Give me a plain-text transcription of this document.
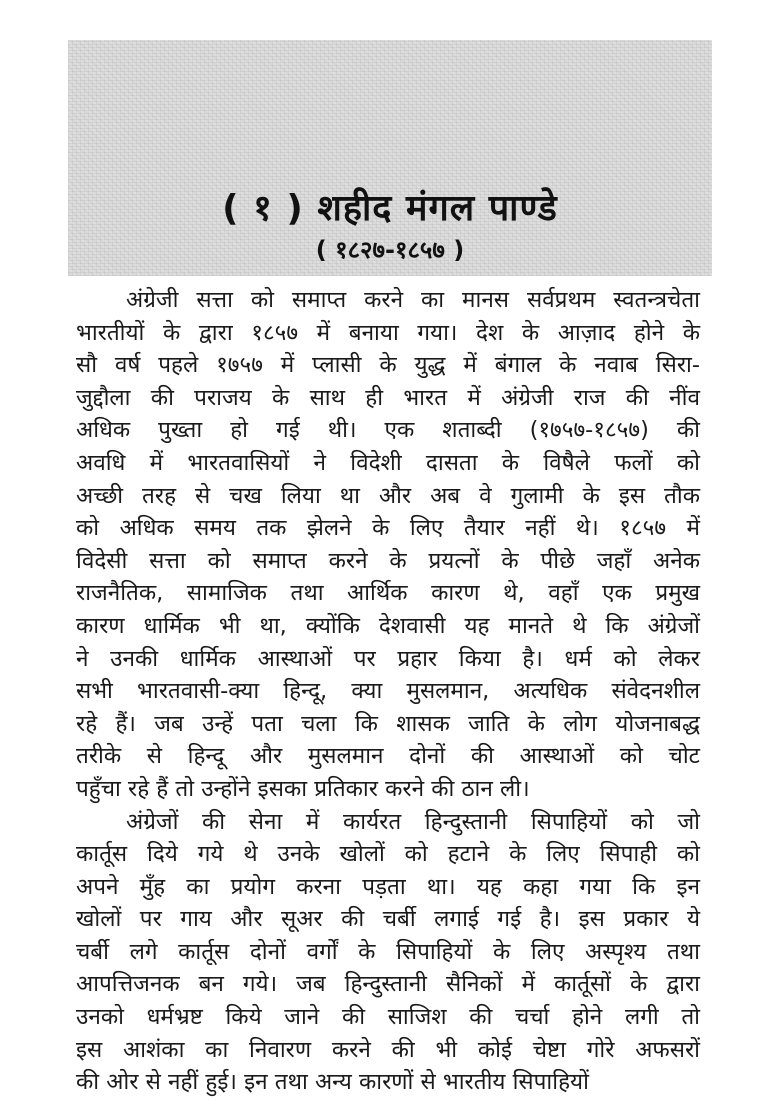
( १ ) शहीद मंगल पाण्डे
( १८२७-१८५७ )
अंग्रेजी सत्ता को समाप्त करने का मानस सर्वप्रथम स्वतन्त्रचेता
भारतीयों के द्वारा १८५७ में बनाया गया। देश के आज़ाद होने के
सौ वर्ष पहले १७५७ में प्लासी के युद्ध में बंगाल के नवाब सिरा-
जुद्दौला की पराजय के साथ ही भारत में अंग्रेजी राज की नींव
अधिक पुख्ता हो गई थी। एक शताब्दी (१७५७-१८५७) की
अवधि में भारतवासियों ने विदेशी दासता के विषैले फलों को
अच्छी तरह से चख लिया था और अब वे गुलामी के इस तौक
को अधिक समय तक झेलने के लिए तैयार नहीं थे। १८५७ में
विदेसी सत्ता को समाप्त करने के प्रयत्नों के पीछे जहाँ अनेक
राजनैतिक, सामाजिक तथा आर्थिक कारण थे, वहाँ एक प्रमुख
कारण धार्मिक भी था, क्योंकि देशवासी यह मानते थे कि अंग्रेजों
ने उनकी धार्मिक आस्थाओं पर प्रहार किया है। धर्म को लेकर
सभी भारतवासी-क्या हिन्दू, क्या मुसलमान, अत्यधिक संवेदनशील
रहे हैं। जब उन्हें पता चला कि शासक जाति के लोग योजनाबद्ध
तरीके से हिन्दू और मुसलमान दोनों की आस्थाओं को चोट
पहुँचा रहे हैं तो उन्होंने इसका प्रतिकार करने की ठान ली।
अंग्रेजों की सेना में कार्यरत हिन्दुस्तानी सिपाहियों को जो
कार्तूस दिये गये थे उनके खोलों को हटाने के लिए सिपाही को
अपने मुँह का प्रयोग करना पड़ता था। यह कहा गया कि इन
खोलों पर गाय और सूअर की चर्बी लगाई गई है। इस प्रकार ये
चर्बी लगे कार्तूस दोनों वर्गों के सिपाहियों के लिए अस्पृश्य तथा
आपत्तिजनक बन गये। जब हिन्दुस्तानी सैनिकों में कार्तूसों के द्वारा
उनको धर्मभ्रष्ट किये जाने की साजिश की चर्चा होने लगी तो
इस आशंका का निवारण करने की भी कोई चेष्टा गोरे अफसरों
की ओर से नहीं हुई। इन तथा अन्य कारणों से भारतीय सिपाहियों
